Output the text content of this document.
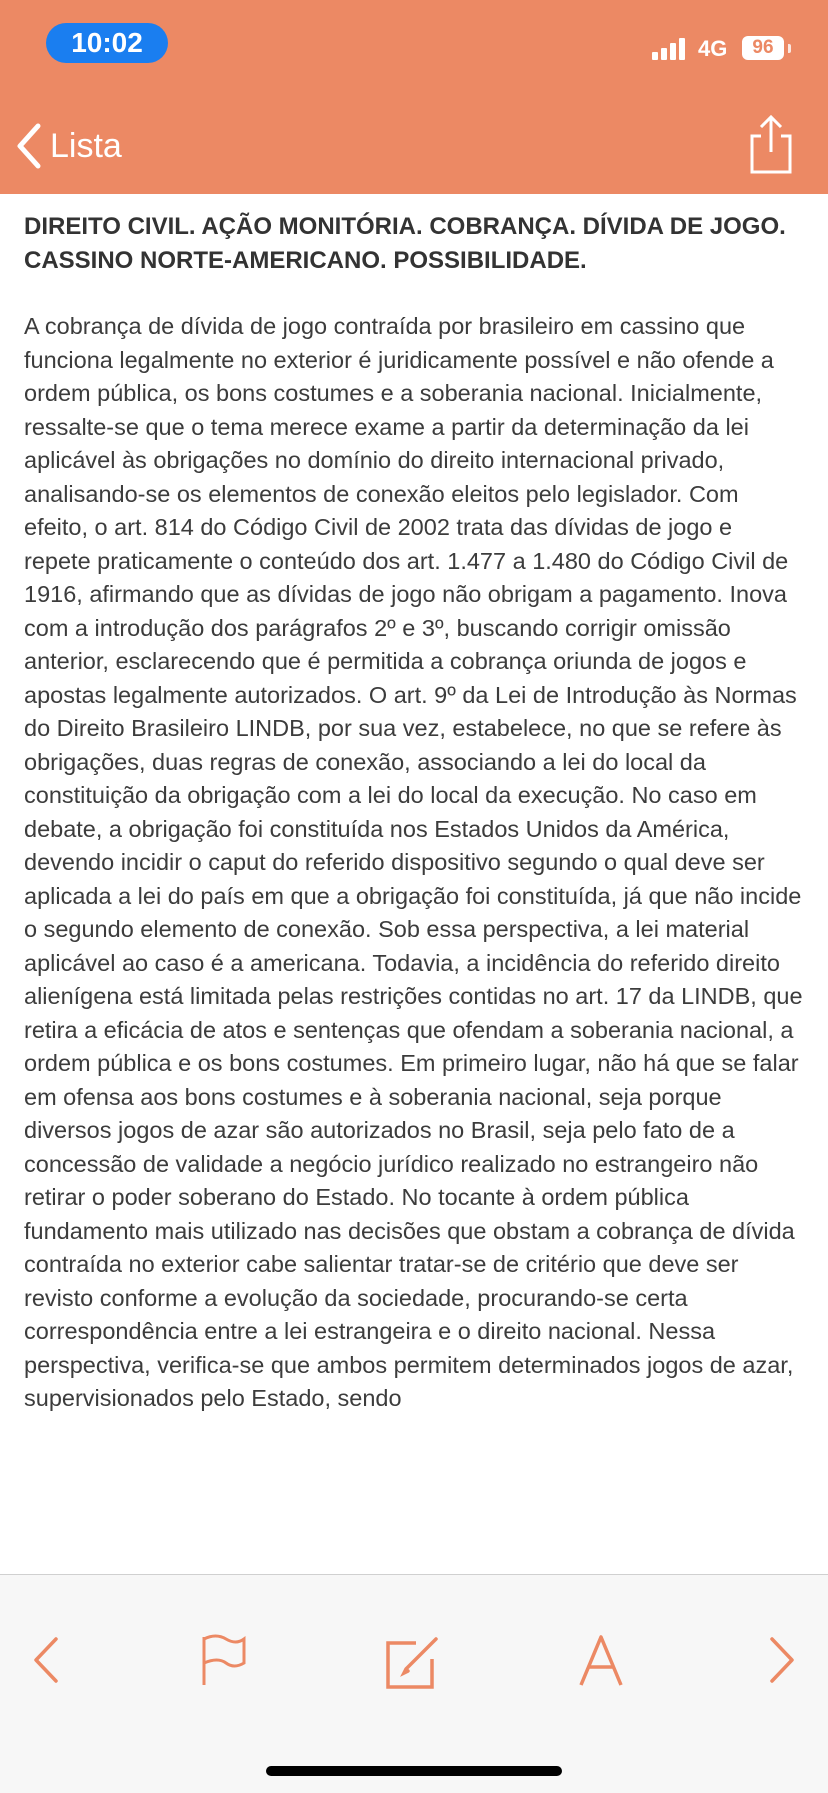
10:02	4G	96
Lista
DIREITO CIVIL. AÇÃO MONITÓRIA. COBRANÇA. DÍVIDA DE JOGO. CASSINO NORTE-AMERICANO. POSSIBILIDADE.

A cobrança de dívida de jogo contraída por brasileiro em cassino que funciona legalmente no exterior é juridicamente possível e não ofende a ordem pública, os bons costumes e a soberania nacional. Inicialmente, ressalte-se que o tema merece exame a partir da determinação da lei aplicável às obrigações no domínio do direito internacional privado, analisando-se os elementos de conexão eleitos pelo legislador. Com efeito, o art. 814 do Código Civil de 2002 trata das dívidas de jogo e repete praticamente o conteúdo dos art. 1.477 a 1.480 do Código Civil de 1916, afirmando que as dívidas de jogo não obrigam a pagamento. Inova com a introdução dos parágrafos 2º e 3º, buscando corrigir omissão anterior, esclarecendo que é permitida a cobrança oriunda de jogos e apostas legalmente autorizados. O art. 9º da Lei de Introdução às Normas do Direito Brasileiro LINDB, por sua vez, estabelece, no que se refere às obrigações, duas regras de conexão, associando a lei do local da constituição da obrigação com a lei do local da execução. No caso em debate, a obrigação foi constituída nos Estados Unidos da América, devendo incidir o caput do referido dispositivo segundo o qual deve ser aplicada a lei do país em que a obrigação foi constituída, já que não incide o segundo elemento de conexão. Sob essa perspectiva, a lei material aplicável ao caso é a americana. Todavia, a incidência do referido direito alienígena está limitada pelas restrições contidas no art. 17 da LINDB, que retira a eficácia de atos e sentenças que ofendam a soberania nacional, a ordem pública e os bons costumes. Em primeiro lugar, não há que se falar em ofensa aos bons costumes e à soberania nacional, seja porque diversos jogos de azar são autorizados no Brasil, seja pelo fato de a concessão de validade a negócio jurídico realizado no estrangeiro não retirar o poder soberano do Estado. No tocante à ordem pública fundamento mais utilizado nas decisões que obstam a cobrança de dívida contraída no exterior cabe salientar tratar-se de critério que deve ser revisto conforme a evolução da sociedade, procurando-se certa correspondência entre a lei estrangeira e o direito nacional. Nessa perspectiva, verifica-se que ambos permitem determinados jogos de azar, supervisionados pelo Estado, sendo
